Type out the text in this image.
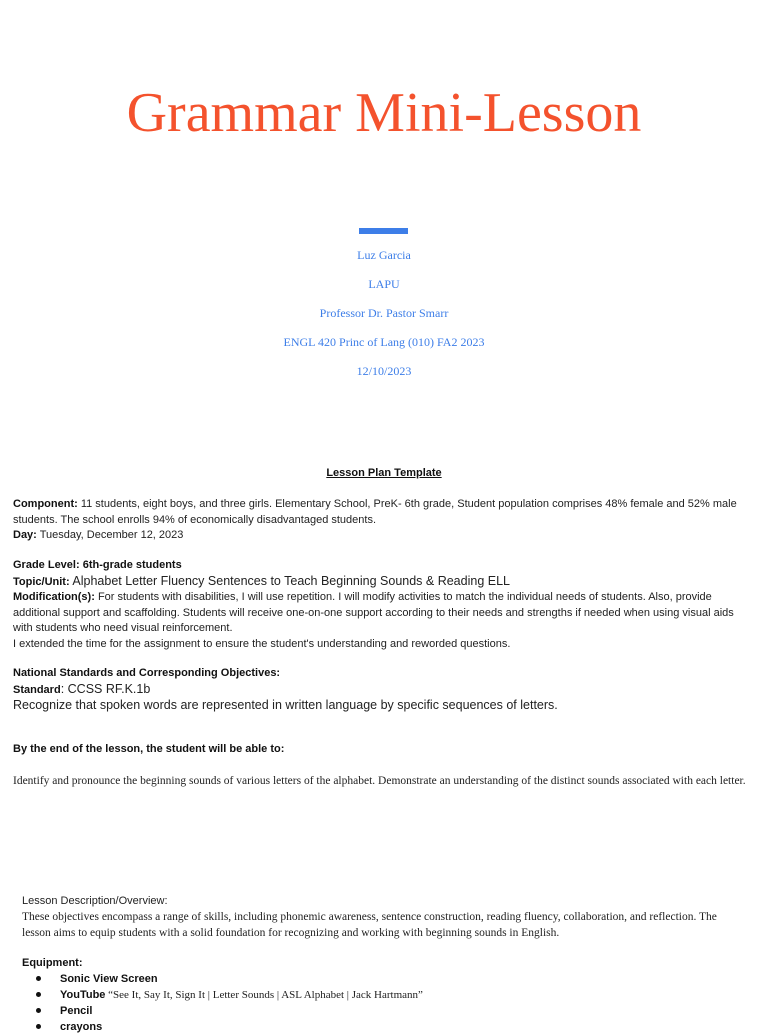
Grammar Mini-Lesson
Luz Garcia
LAPU
Professor Dr. Pastor Smarr
ENGL 420 Princ of Lang (010) FA2 2023
12/10/2023
Lesson Plan Template

Component: 11 students, eight boys, and three girls. Elementary School, PreK- 6th grade, Student population comprises 48% female and 52% male students. The school enrolls 94% of economically disadvantaged students.

Day: Tuesday, December 12, 2023

Grade Level: 6th-grade students

Topic/Unit: Alphabet Letter Fluency Sentences to Teach Beginning Sounds & Reading ELL

Modification(s): For students with disabilities, I will use repetition. I will modify activities to match the individual needs of students. Also, provide additional support and scaffolding. Students will receive one-on-one support according to their needs and strengths if needed when using visual aids with students who need visual reinforcement.

I extended the time for the assignment to ensure the student's understanding and reworded questions.

National Standards and Corresponding Objectives:

Standard: CCSS RF.K.1b

Recognize that spoken words are represented in written language by specific sequences of letters.

By the end of the lesson, the student will be able to:

Identify and pronounce the beginning sounds of various letters of the alphabet. Demonstrate an understanding of the distinct sounds associated with each letter.

Lesson Description/Overview:

These objectives encompass a range of skills, including phonemic awareness, sentence construction, reading fluency, collaboration, and reflection. The lesson aims to equip students with a solid foundation for recognizing and working with beginning sounds in English.

Equipment:

Sonic View Screen
YouTube “See It, Say It, Sign It | Letter Sounds | ASL Alphabet | Jack Hartmann”
Pencil
crayons
